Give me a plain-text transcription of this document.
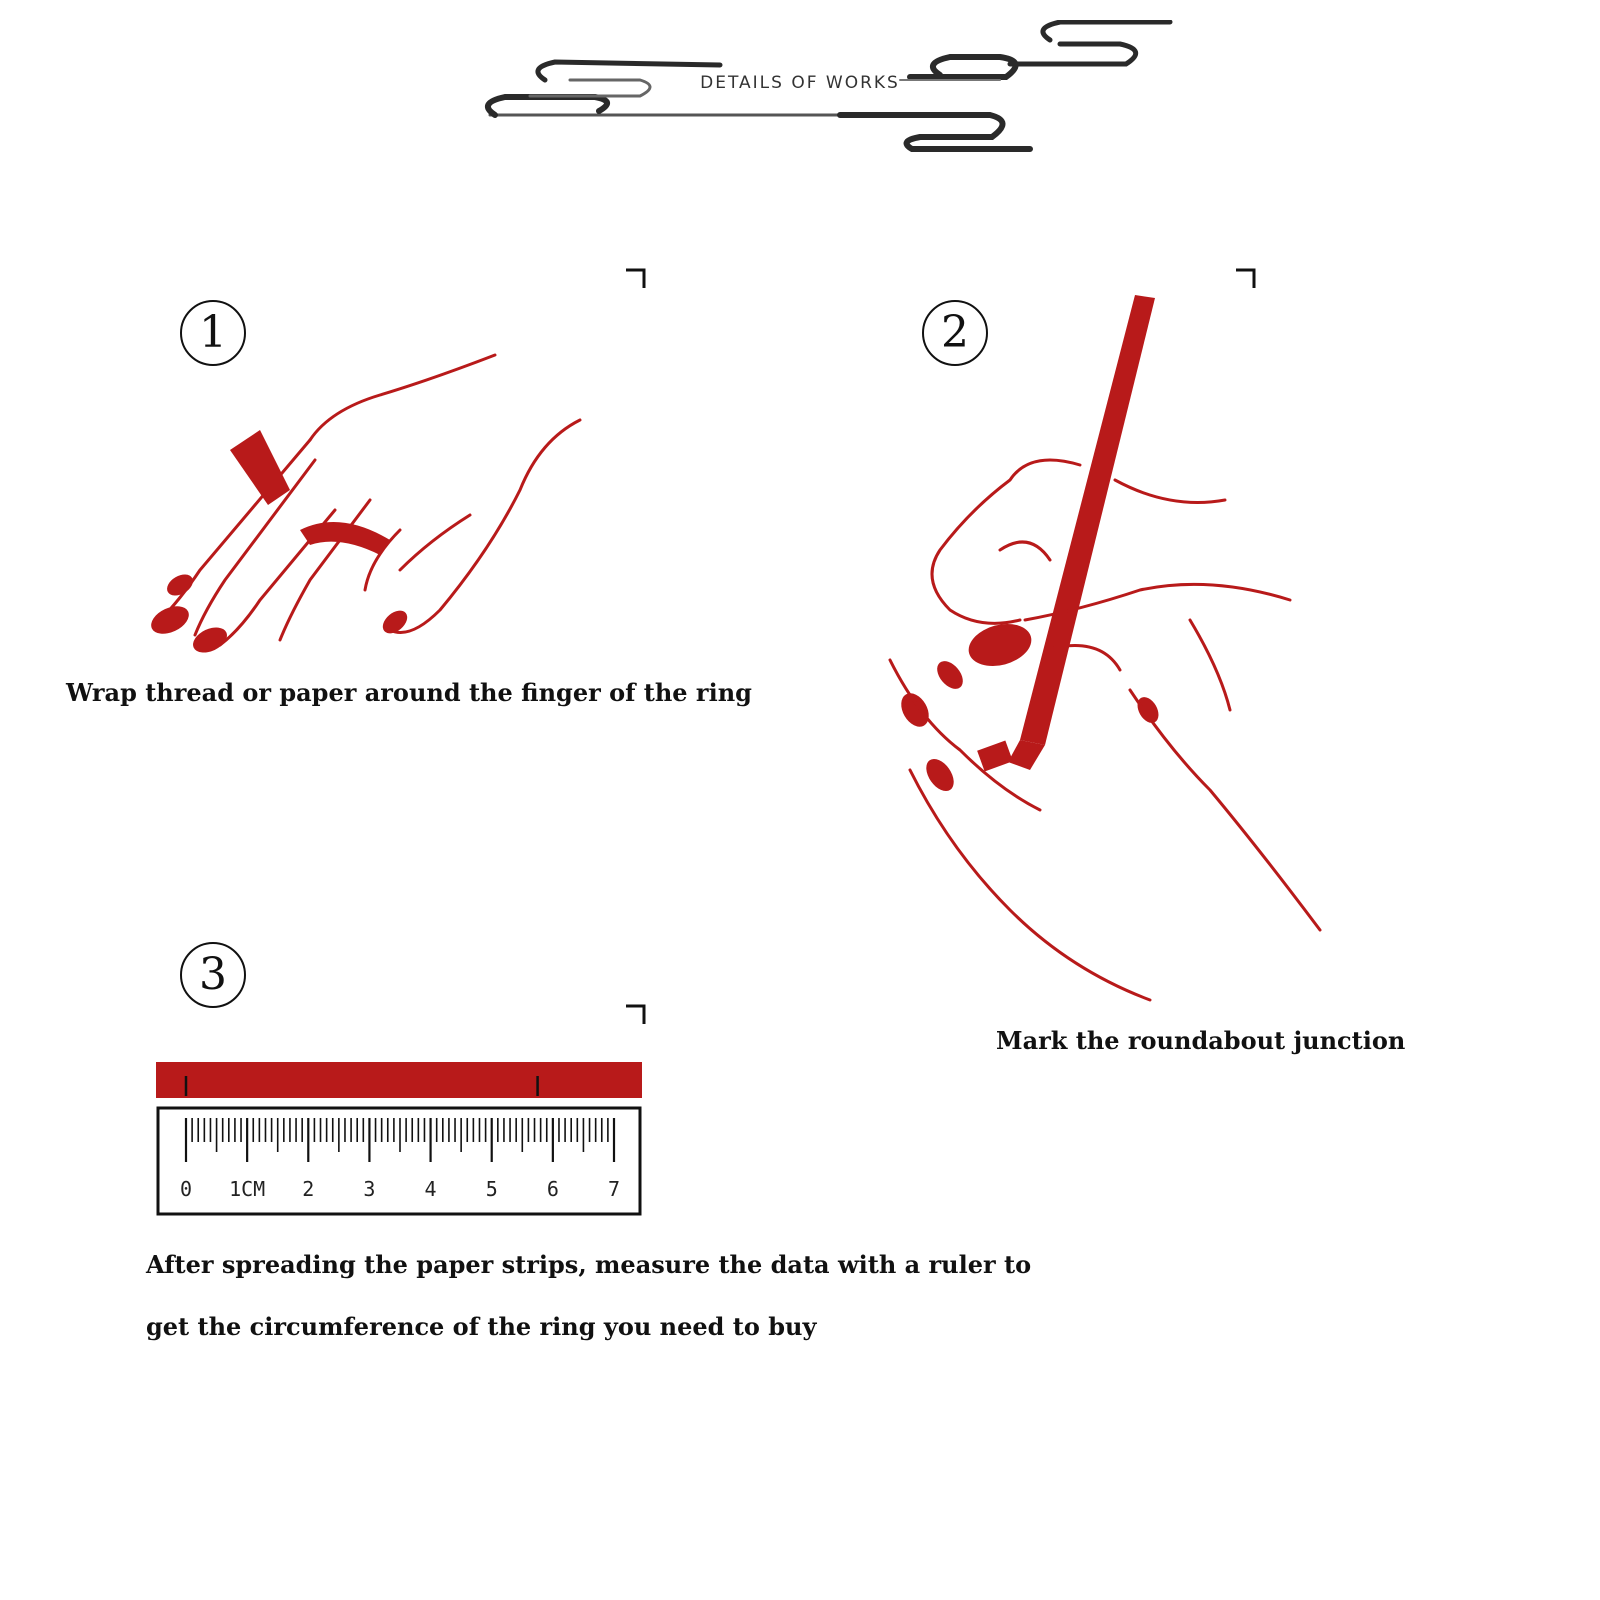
DETAILS OF WORKS
1
Wrap thread or paper around the finger of the ring
2
Mark the roundabout junction
3
0 1CM 2 3 4 5 6 7
After spreading the paper strips, measure the data with a ruler to
get the circumference of the ring you need to buy
